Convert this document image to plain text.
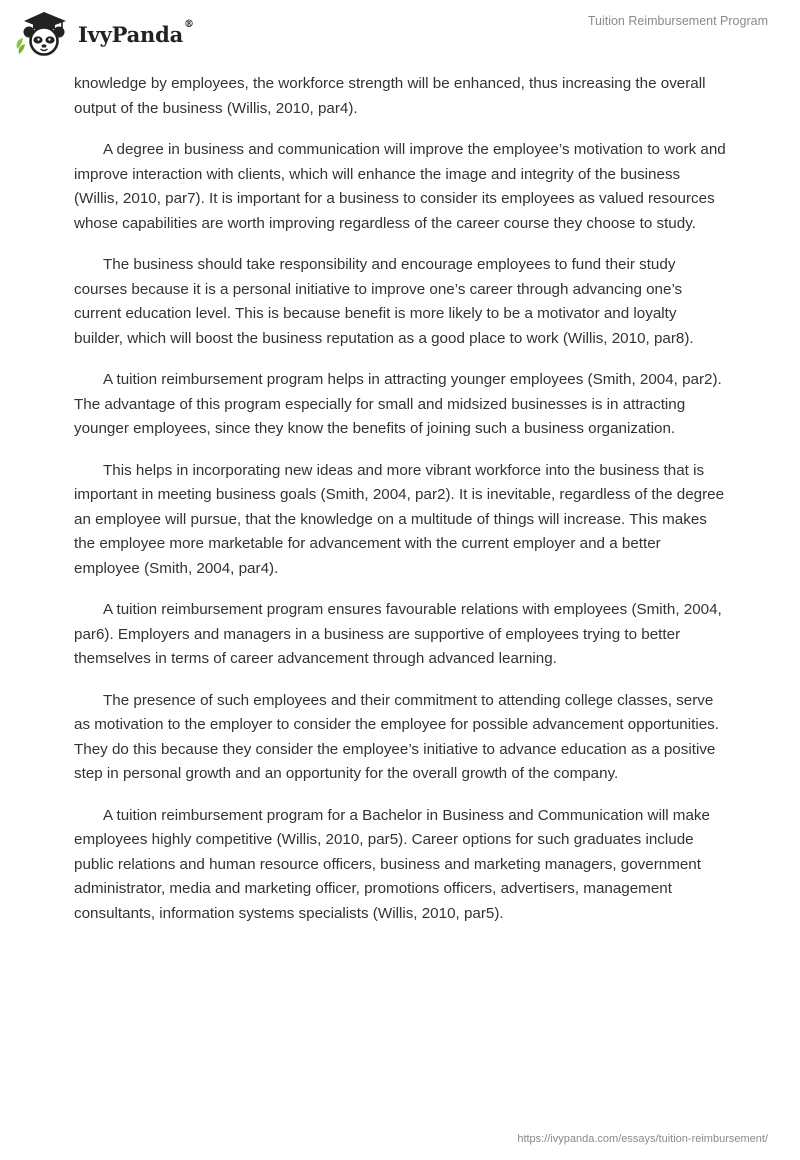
IvyPanda®	Tuition Reimbursement Program

knowledge by employees, the workforce strength will be enhanced, thus increasing the overall output of the business (Willis, 2010, par4).

A degree in business and communication will improve the employee’s motivation to work and improve interaction with clients, which will enhance the image and integrity of the business (Willis, 2010, par7). It is important for a business to consider its employees as valued resources whose capabilities are worth improving regardless of the career course they choose to study.

The business should take responsibility and encourage employees to fund their study courses because it is a personal initiative to improve one’s career through advancing one’s current education level. This is because benefit is more likely to be a motivator and loyalty builder, which will boost the business reputation as a good place to work (Willis, 2010, par8).

A tuition reimbursement program helps in attracting younger employees (Smith, 2004, par2). The advantage of this program especially for small and midsized businesses is in attracting younger employees, since they know the benefits of joining such a business organization.

This helps in incorporating new ideas and more vibrant workforce into the business that is important in meeting business goals (Smith, 2004, par2). It is inevitable, regardless of the degree an employee will pursue, that the knowledge on a multitude of things will increase. This makes the employee more marketable for advancement with the current employer and a better employee (Smith, 2004, par4).

A tuition reimbursement program ensures favourable relations with employees (Smith, 2004, par6). Employers and managers in a business are supportive of employees trying to better themselves in terms of career advancement through advanced learning.

The presence of such employees and their commitment to attending college classes, serve as motivation to the employer to consider the employee for possible advancement opportunities. They do this because they consider the employee’s initiative to advance education as a positive step in personal growth and an opportunity for the overall growth of the company.

A tuition reimbursement program for a Bachelor in Business and Communication will make employees highly competitive (Willis, 2010, par5). Career options for such graduates include public relations and human resource officers, business and marketing managers, government administrator, media and marketing officer, promotions officers, advertisers, management consultants, information systems specialists (Willis, 2010, par5).

https://ivypanda.com/essays/tuition-reimbursement/
